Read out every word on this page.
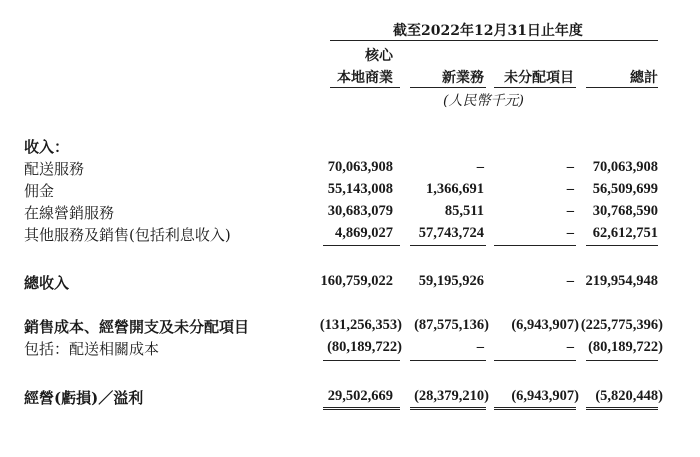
截至2022年12月31日止年度
核心
本地商業	新業務 未分配項目	總計
(人民幣千元)
收入：
配送服務	70,063,908	–	– 70,063,908
佣金	55,143,008 1,366,691	– 56,509,699
在線營銷服務	30,683,079	85,511	– 30,768,590
其他服務及銷售(包括利息收入)	4,869,027 57,743,724	– 62,612,751
總收入	160,759,022 59,195,926	– 219,954,948
銷售成本、經營開支及未分配項目	(131,256,353) (87,575,136) (6,943,907) (225,775,396)
包括：配送相關成本	(80,189,722)	–	– (80,189,722)
經營(虧損)／溢利	29,502,669 (28,379,210) (6,943,907) (5,820,448)
